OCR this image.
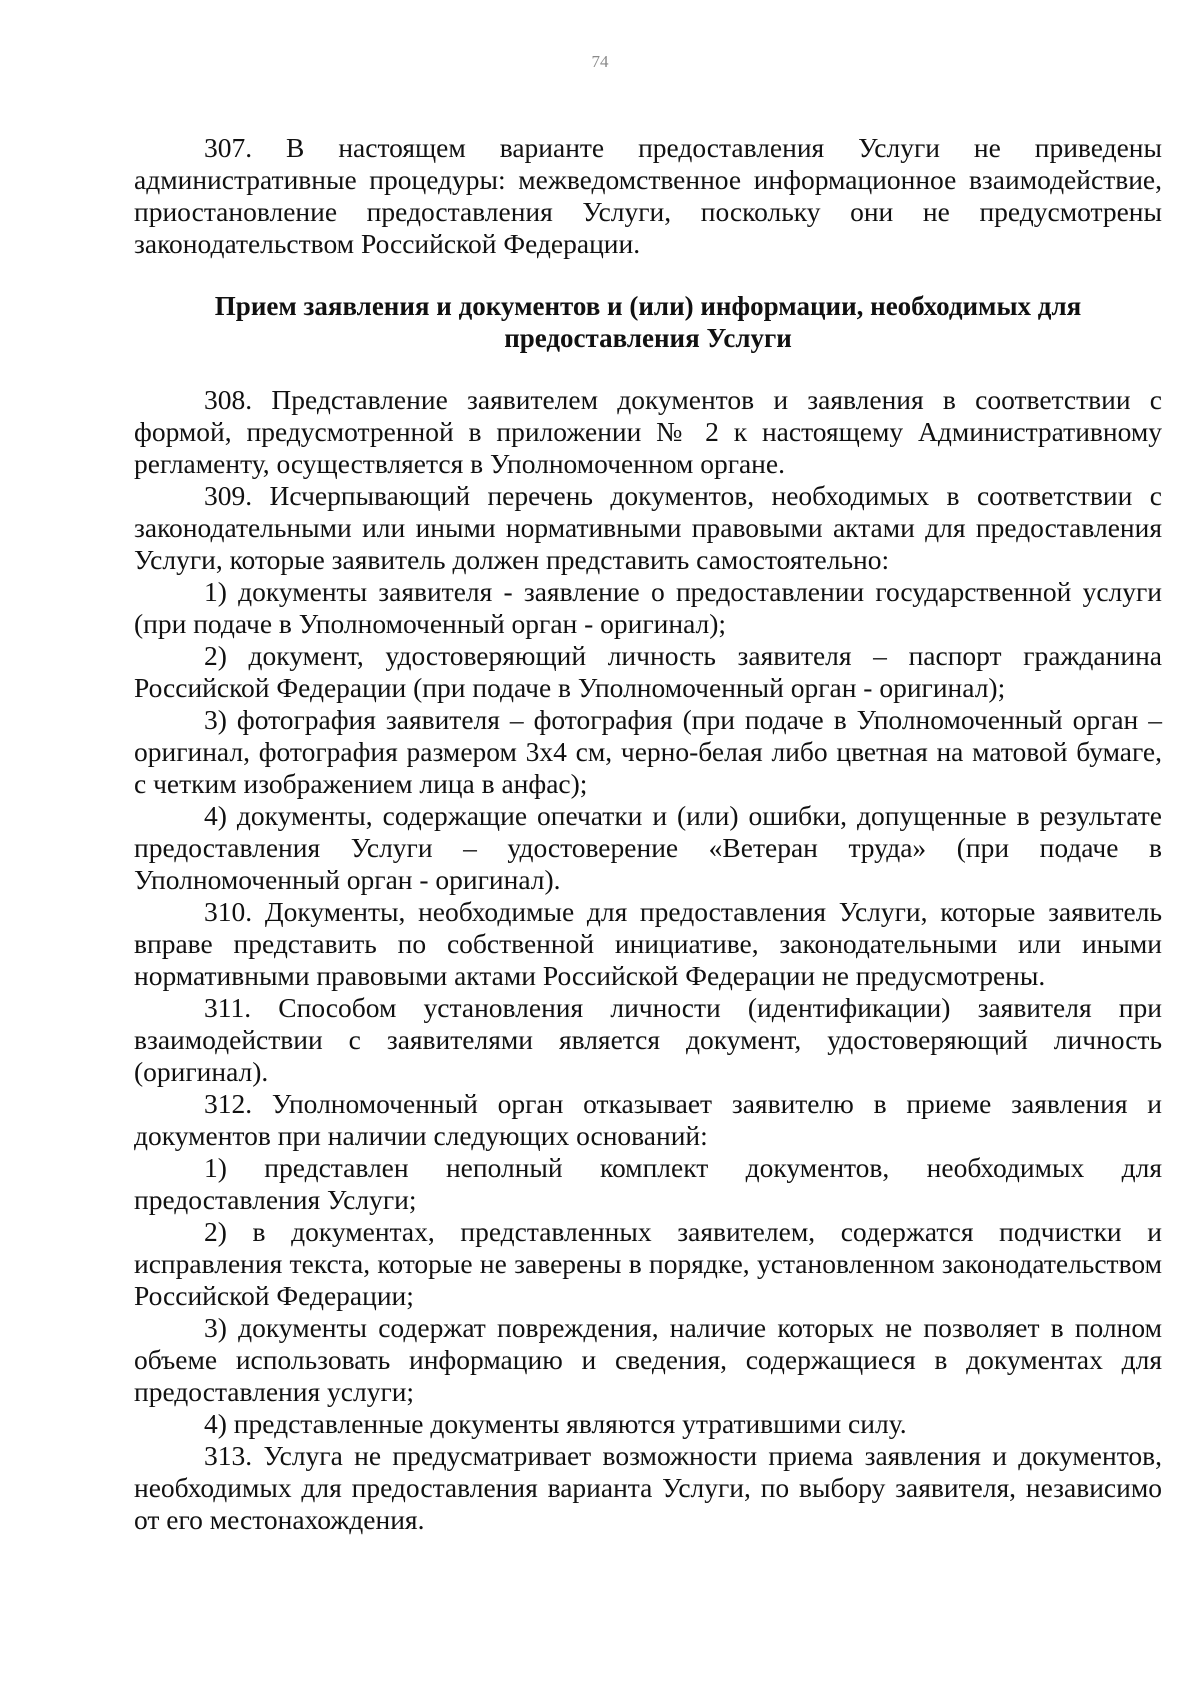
74

307. В настоящем варианте предоставления Услуги не приведены административные процедуры: межведомственное информационное взаимодействие, приостановление предоставления Услуги, поскольку они не предусмотрены законодательством Российской Федерации.

Прием заявления и документов и (или) информации, необходимых для предоставления Услуги

308. Представление заявителем документов и заявления в соответствии с формой, предусмотренной в приложении № 2 к настоящему Административному регламенту, осуществляется в Уполномоченном органе.

309. Исчерпывающий перечень документов, необходимых в соответствии с законодательными или иными нормативными правовыми актами для предоставления Услуги, которые заявитель должен представить самостоятельно:

1) документы заявителя - заявление о предоставлении государственной услуги (при подаче в Уполномоченный орган - оригинал);

2) документ, удостоверяющий личность заявителя – паспорт гражданина Российской Федерации (при подаче в Уполномоченный орган - оригинал);

3) фотография заявителя – фотография (при подаче в Уполномоченный орган – оригинал, фотография размером 3х4 см, черно-белая либо цветная на матовой бумаге, с четким изображением лица в анфас);

4) документы, содержащие опечатки и (или) ошибки, допущенные в результате предоставления Услуги – удостоверение «Ветеран труда» (при подаче в Уполномоченный орган - оригинал).

310. Документы, необходимые для предоставления Услуги, которые заявитель вправе представить по собственной инициативе, законодательными или иными нормативными правовыми актами Российской Федерации не предусмотрены.

311. Способом установления личности (идентификации) заявителя при взаимодействии с заявителями является документ, удостоверяющий личность (оригинал).

312. Уполномоченный орган отказывает заявителю в приеме заявления и документов при наличии следующих оснований:

1) представлен неполный комплект документов, необходимых для предоставления Услуги;

2) в документах, представленных заявителем, содержатся подчистки и исправления текста, которые не заверены в порядке, установленном законодательством Российской Федерации;

3) документы содержат повреждения, наличие которых не позволяет в полном объеме использовать информацию и сведения, содержащиеся в документах для предоставления услуги;

4) представленные документы являются утратившими силу.

313. Услуга не предусматривает возможности приема заявления и документов, необходимых для предоставления варианта Услуги, по выбору заявителя, независимо от его местонахождения.
